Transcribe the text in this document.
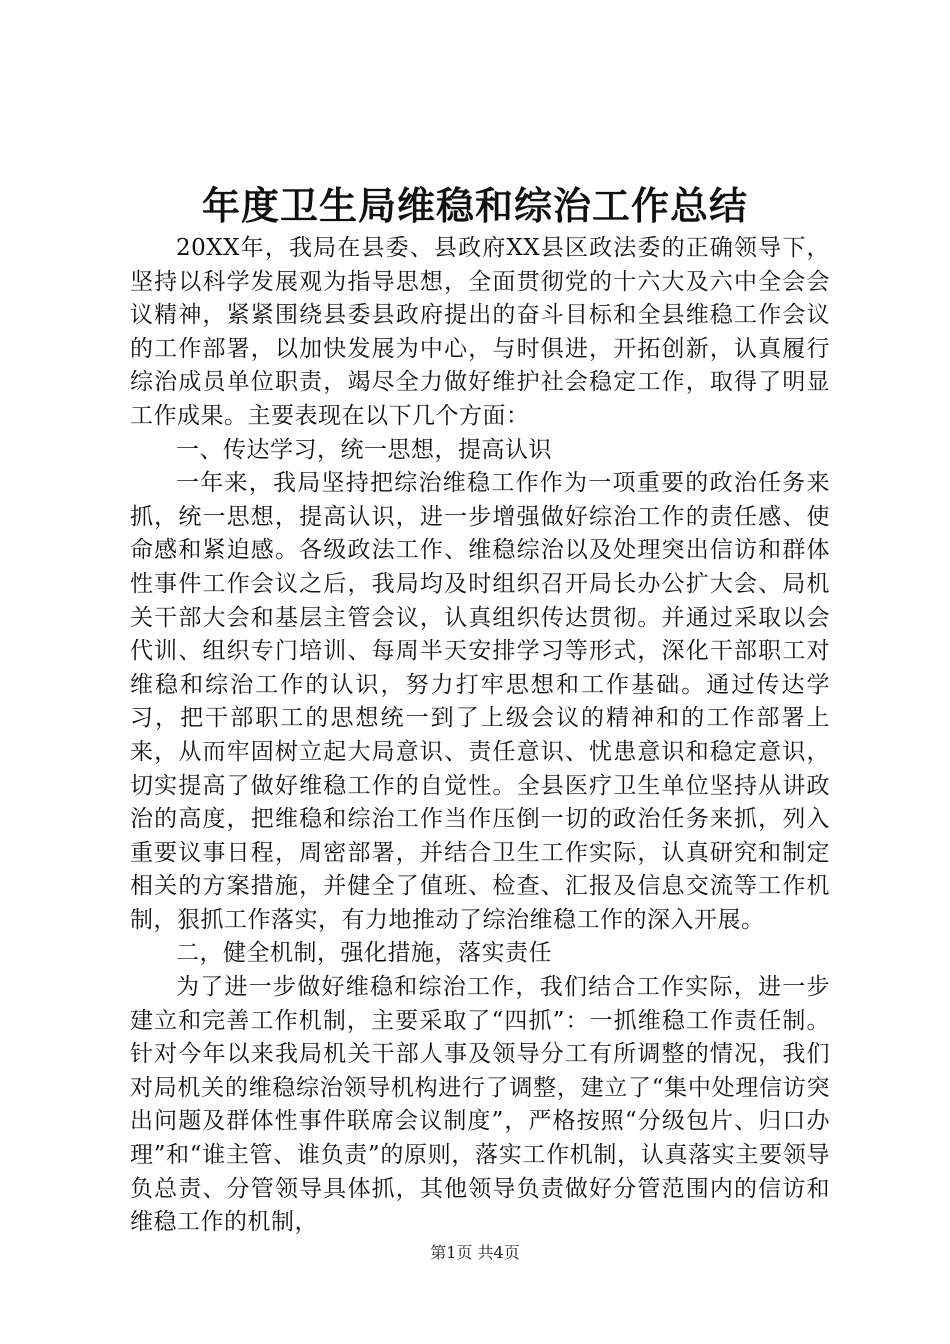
年度卫生局维稳和综治工作总结

20XX年，我局在县委、县政府XX县区政法委的正确领导下，坚持以科学发展观为指导思想，全面贯彻党的十六大及六中全会会议精神，紧紧围绕县委县政府提出的奋斗目标和全县维稳工作会议的工作部署，以加快发展为中心，与时俱进，开拓创新，认真履行综治成员单位职责，竭尽全力做好维护社会稳定工作，取得了明显工作成果。主要表现在以下几个方面：

一、传达学习，统一思想，提高认识

一年来，我局坚持把综治维稳工作作为一项重要的政治任务来抓，统一思想，提高认识，进一步增强做好综治工作的责任感、使命感和紧迫感。各级政法工作、维稳综治以及处理突出信访和群体性事件工作会议之后，我局均及时组织召开局长办公扩大会、局机关干部大会和基层主管会议，认真组织传达贯彻。并通过采取以会代训、组织专门培训、每周半天安排学习等形式，深化干部职工对维稳和综治工作的认识，努力打牢思想和工作基础。通过传达学习，把干部职工的思想统一到了上级会议的精神和的工作部署上来，从而牢固树立起大局意识、责任意识、忧患意识和稳定意识，切实提高了做好维稳工作的自觉性。全县医疗卫生单位坚持从讲政治的高度，把维稳和综治工作当作压倒一切的政治任务来抓，列入重要议事日程，周密部署，并结合卫生工作实际，认真研究和制定相关的方案措施，并健全了值班、检查、汇报及信息交流等工作机制，狠抓工作落实，有力地推动了综治维稳工作的深入开展。

二，健全机制，强化措施，落实责任

为了进一步做好维稳和综治工作，我们结合工作实际，进一步建立和完善工作机制，主要采取了“四抓”：一抓维稳工作责任制。针对今年以来我局机关干部人事及领导分工有所调整的情况，我们对局机关的维稳综治领导机构进行了调整，建立了“集中处理信访突出问题及群体性事件联席会议制度”，严格按照“分级包片、归口办理”和“谁主管、谁负责”的原则，落实工作机制，认真落实主要领导负总责、分管领导具体抓，其他领导负责做好分管范围内的信访和维稳工作的机制，

第1页 共4页
